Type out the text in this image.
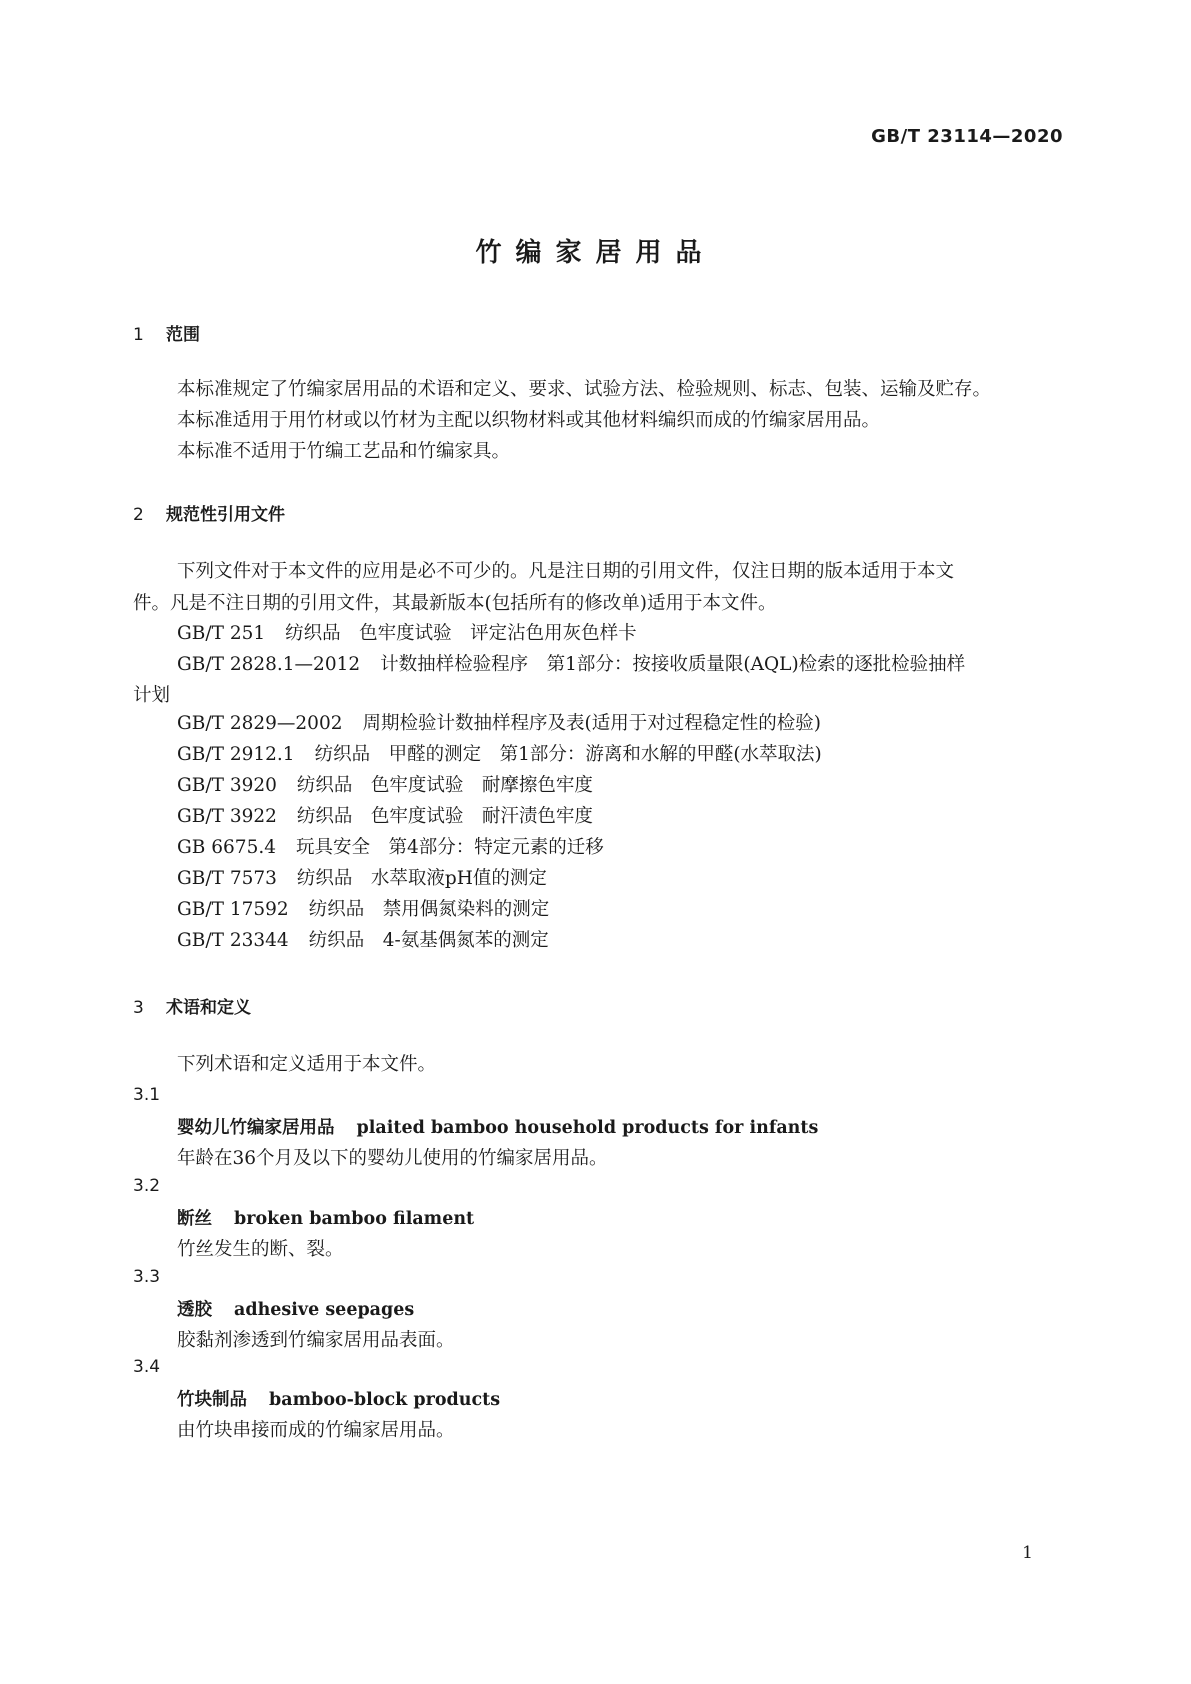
GB/T 23114—2020
竹编家居用品
1 范围
本标准规定了竹编家居用品的术语和定义、要求、试验方法、检验规则、标志、包装、运输及贮存。
本标准适用于用竹材或以竹材为主配以织物材料或其他材料编织而成的竹编家居用品。
本标准不适用于竹编工艺品和竹编家具。
2 规范性引用文件
下列文件对于本文件的应用是必不可少的。凡是注日期的引用文件，仅注日期的版本适用于本文
件。凡是不注日期的引用文件，其最新版本(包括所有的修改单)适用于本文件。
GB/T 251 纺织品　色牢度试验　评定沾色用灰色样卡
GB/T 2828.1—2012 计数抽样检验程序　第1部分：按接收质量限(AQL)检索的逐批检验抽样
计划
GB/T 2829—2002 周期检验计数抽样程序及表(适用于对过程稳定性的检验)
GB/T 2912.1 纺织品　甲醛的测定　第1部分：游离和水解的甲醛(水萃取法)
GB/T 3920 纺织品　色牢度试验　耐摩擦色牢度
GB/T 3922 纺织品　色牢度试验　耐汗渍色牢度
GB 6675.4 玩具安全　第4部分：特定元素的迁移
GB/T 7573 纺织品　水萃取液pH值的测定
GB/T 17592 纺织品　禁用偶氮染料的测定
GB/T 23344 纺织品　4-氨基偶氮苯的测定
3 术语和定义
下列术语和定义适用于本文件。
3.1
婴幼儿竹编家居用品 plaited bamboo household products for infants
年龄在36个月及以下的婴幼儿使用的竹编家居用品。
3.2
断丝 broken bamboo filament
竹丝发生的断、裂。
3.3
透胶 adhesive seepages
胶黏剂渗透到竹编家居用品表面。
3.4
竹块制品 bamboo-block products
由竹块串接而成的竹编家居用品。
1
